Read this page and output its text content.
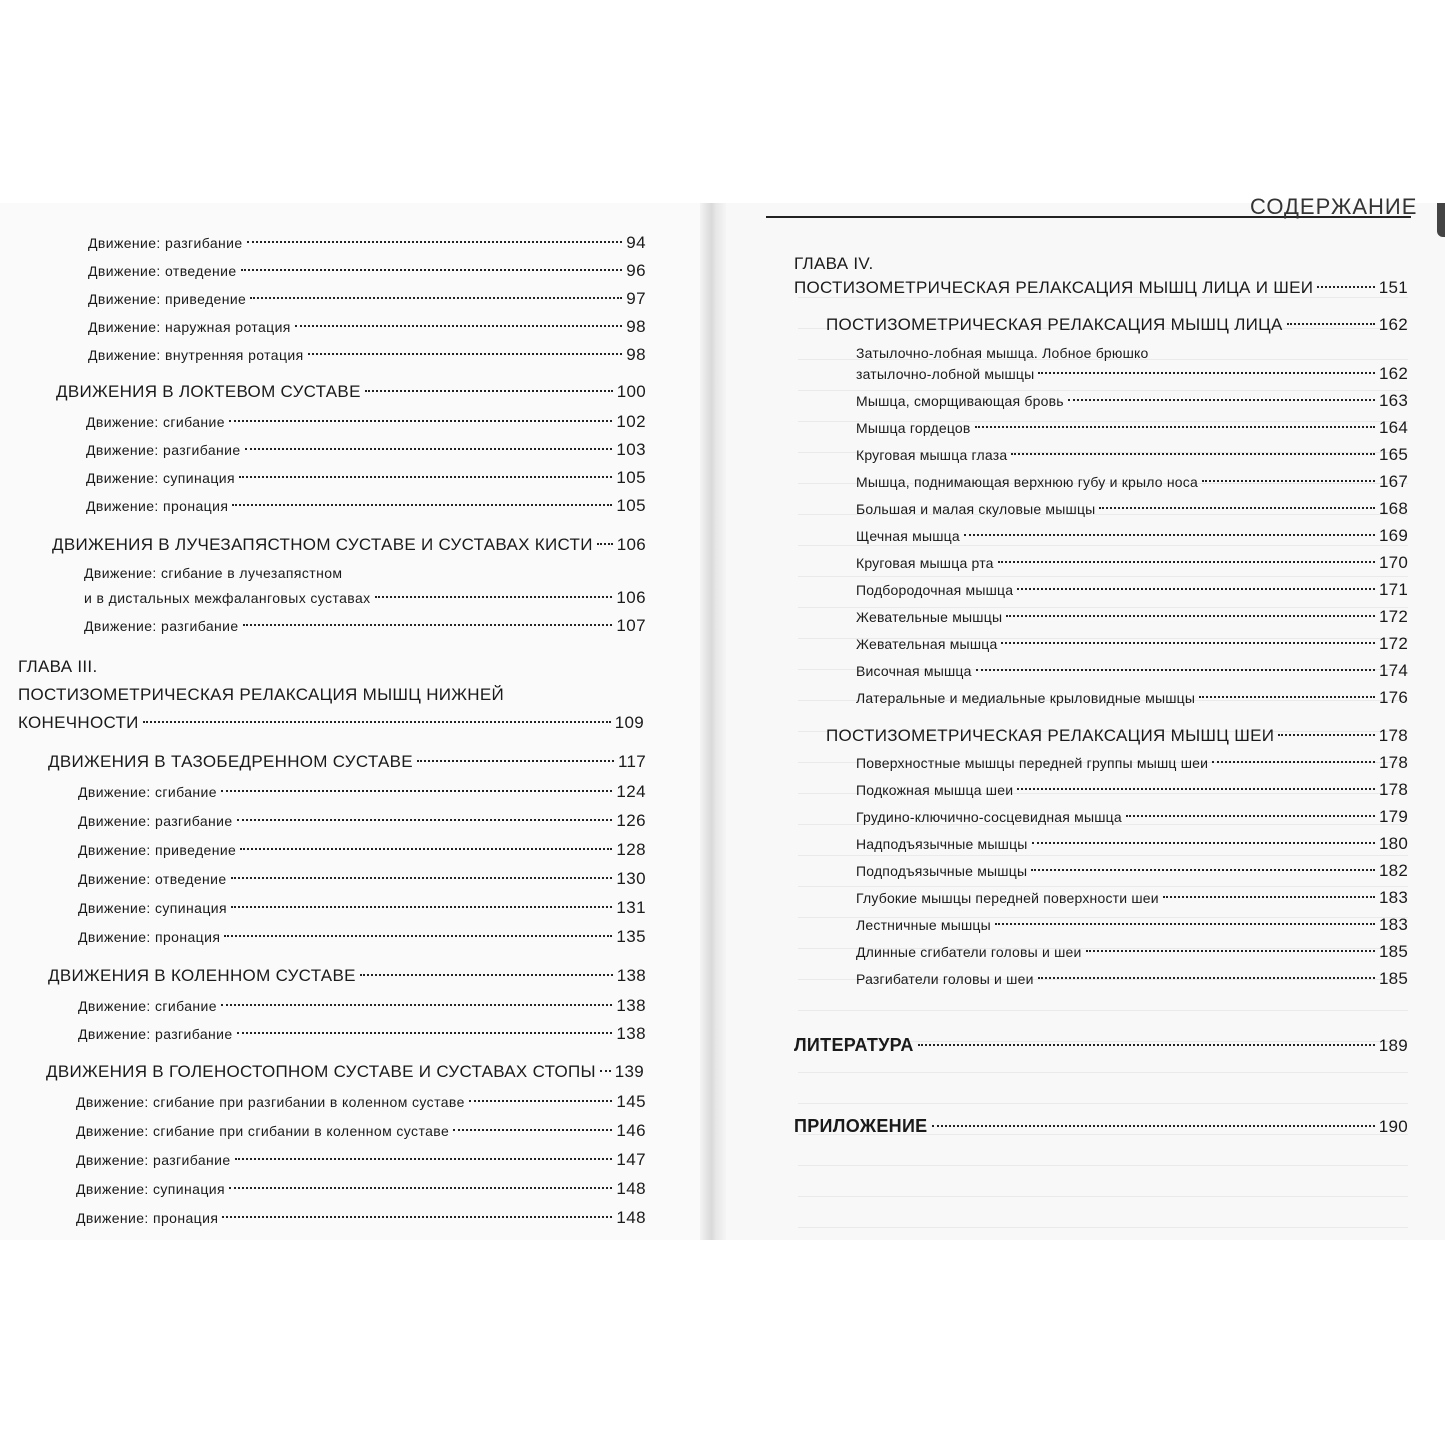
СОДЕРЖАНИЕ
Движение: разгибание	94
Движение: отведение	96
Движение: приведение	97
Движение: наружная ротация	98
Движение: внутренняя ротация	98
ДВИЖЕНИЯ В ЛОКТЕВОМ СУСТАВЕ	100
Движение: сгибание	102
Движение: разгибание	103
Движение: супинация	105
Движение: пронация	105
ДВИЖЕНИЯ В ЛУЧЕЗАПЯСТНОМ СУСТАВЕ И СУСТАВАХ КИСТИ 106
Движение: сгибание в лучезапястном
и в дистальных межфаланговых суставах	106
Движение: разгибание	107
ГЛАВА III.
ПОСТИЗОМЕТРИЧЕСКАЯ РЕЛАКСАЦИЯ МЫШЦ НИЖНЕЙ
КОНЕЧНОСТИ	109
ДВИЖЕНИЯ В ТАЗОБЕДРЕННОМ СУСТАВЕ	117
Движение: сгибание	124
Движение: разгибание	126
Движение: приведение	128
Движение: отведение	130
Движение: супинация	131
Движение: пронация	135
ДВИЖЕНИЯ В КОЛЕННОМ СУСТАВЕ	138
Движение: сгибание	138
Движение: разгибание	138
ДВИЖЕНИЯ В ГОЛЕНОСТОПНОМ СУСТАВЕ И СУСТАВАХ СТОПЫ 139
Движение: сгибание при разгибании в коленном суставе	145
Движение: сгибание при сгибании в коленном суставе	146
Движение: разгибание	147
Движение: супинация	148
Движение: пронация	148
ГЛАВА IV.
ПОСТИЗОМЕТРИЧЕСКАЯ РЕЛАКСАЦИЯ МЫШЦ ЛИЦА И ШЕИ	151
ПОСТИЗОМЕТРИЧЕСКАЯ РЕЛАКСАЦИЯ МЫШЦ ЛИЦА	162
Затылочно-лобная мышца. Лобное брюшко
затылочно-лобной мышцы	162
Мышца, сморщивающая бровь	163
Мышца гордецов	164
Круговая мышца глаза	165
Мышца, поднимающая верхнюю губу и крыло носа	167
Большая и малая скуловые мышцы	168
Щечная мышца	169
Круговая мышца рта	170
Подбородочная мышца	171
Жевательные мышцы	172
Жевательная мышца	172
Височная мышца	174
Латеральные и медиальные крыловидные мышцы	176
ПОСТИЗОМЕТРИЧЕСКАЯ РЕЛАКСАЦИЯ МЫШЦ ШЕИ	178
Поверхностные мышцы передней группы мышц шеи	178
Подкожная мышца шеи	178
Грудино-ключично-сосцевидная мышца	179
Надподъязычные мышцы	180
Подподъязычные мышцы	182
Глубокие мышцы передней поверхности шеи	183
Лестничные мышцы	183
Длинные сгибатели головы и шеи	185
Разгибатели головы и шеи	185
ЛИТЕРАТУРА	189
ПРИЛОЖЕНИЕ	190
